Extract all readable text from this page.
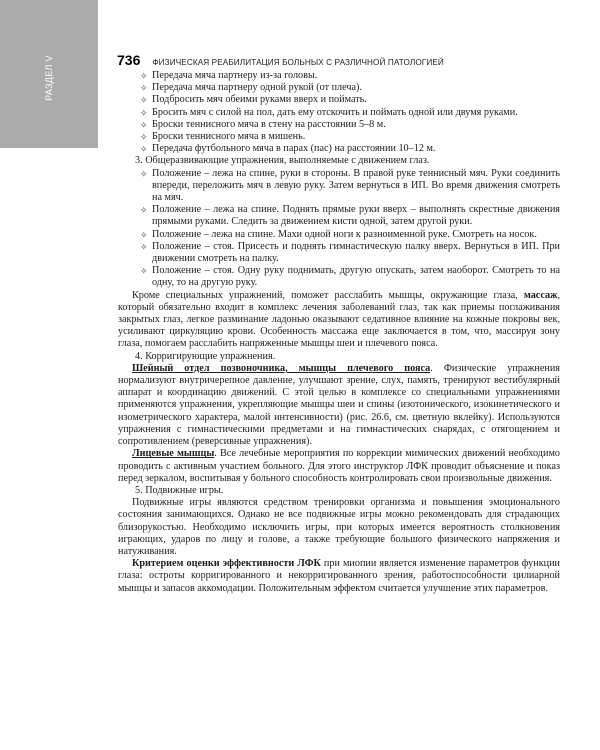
РАЗДЕЛ V	736 ФИЗИЧЕСКАЯ РЕАБИЛИТАЦИЯ БОЛЬНЫХ С РАЗЛИЧНОЙ ПАТОЛОГИЕЙ
✧ Передача мяча партнеру из-за головы.
✧ Передача мяча партнеру одной рукой (от плеча).
✧ Подбросить мяч обеими руками вверх и поймать.
✧ Бросить мяч с силой на пол, дать ему отскочить и поймать одной или двумя руками.
✧ Броски теннисного мяча в стену на расстоянии 5–8 м.
✧ Броски теннисного мяча в мишень.
✧ Передача футбольного мяча в парах (пас) на расстоянии 10–12 м.

3. Общеразвивающие упражнения, выполняемые с движением глаз.

✧ Положение – лежа на спине, руки в стороны. В правой руке теннисный мяч. Руки соединить впереди, переложить мяч в левую руку. Затем вернуться в ИП. Во время движения смотреть на мяч.
✧ Положение – лежа на спине. Поднять прямые руки вверх – выполнять скрестные движения прямыми руками. Следить за движением кисти одной, затем другой руки.
✧ Положение – лежа на спине. Махи одной ноги к разноименной руке. Смотреть на носок.
✧ Положение – стоя. Присесть и поднять гимнастическую палку вверх. Вернуться в ИП. При движении смотреть на палку.
✧ Положение – стоя. Одну руку поднимать, другую опускать, затем наоборот. Смотреть то на одну, то на другую руку.

Кроме специальных упражнений, поможет расслабить мышцы, окружающие глаза, массаж, который обязательно входит в комплекс лечения заболеваний глаз, так как приемы поглаживания закрытых глаз, легкое разминание ладонью оказывают седативное влияние на кожные покровы век, усиливают циркуляцию крови. Особенность массажа еще заключается в том, что, массируя зону глаза, помогаем расслабить напряженные мышцы шеи и плечевого пояса.

4. Корригирующие упражнения.

Шейный отдел позвоночника, мышцы плечевого пояса. Физические упражнения нормализуют внутричерепное давление, улучшают зрение, слух, память, тренируют вестибулярный аппарат и координацию движений. С этой целью в комплексе со специальными упражнениями применяются упражнения, укрепляющие мышцы шеи и спины (изотонического, изокинетического и изометрического характера, малой интенсивности) (рис. 26.6, см. цветную вклейку). Используются упражнения с гимнастическими предметами и на гимнастических снарядах, с отягощением и сопротивлением (реверсивные упражнения).

Лицевые мышцы. Все лечебные мероприятия по коррекции мимических движений необходимо проводить с активным участием больного. Для этого инструктор ЛФК проводит объяснение и показ перед зеркалом, воспитывая у больного способность контролировать свои произвольные движения.

5. Подвижные игры.

Подвижные игры являются средством тренировки организма и повышения эмоционального состояния занимающихся. Однако не все подвижные игры можно рекомендовать для страдающих близорукостью. Необходимо исключить игры, при которых имеется вероятность столкновения играющих, ударов по лицу и голове, а также требующие большого физического напряжения и натуживания.

Критерием оценки эффективности ЛФК при миопии является изменение параметров функции глаза: остроты корригированного и некорригированного зрения, работоспособности цилиарной мышцы и запасов аккомодации. Положительным эффектом считается улучшение этих параметров.
